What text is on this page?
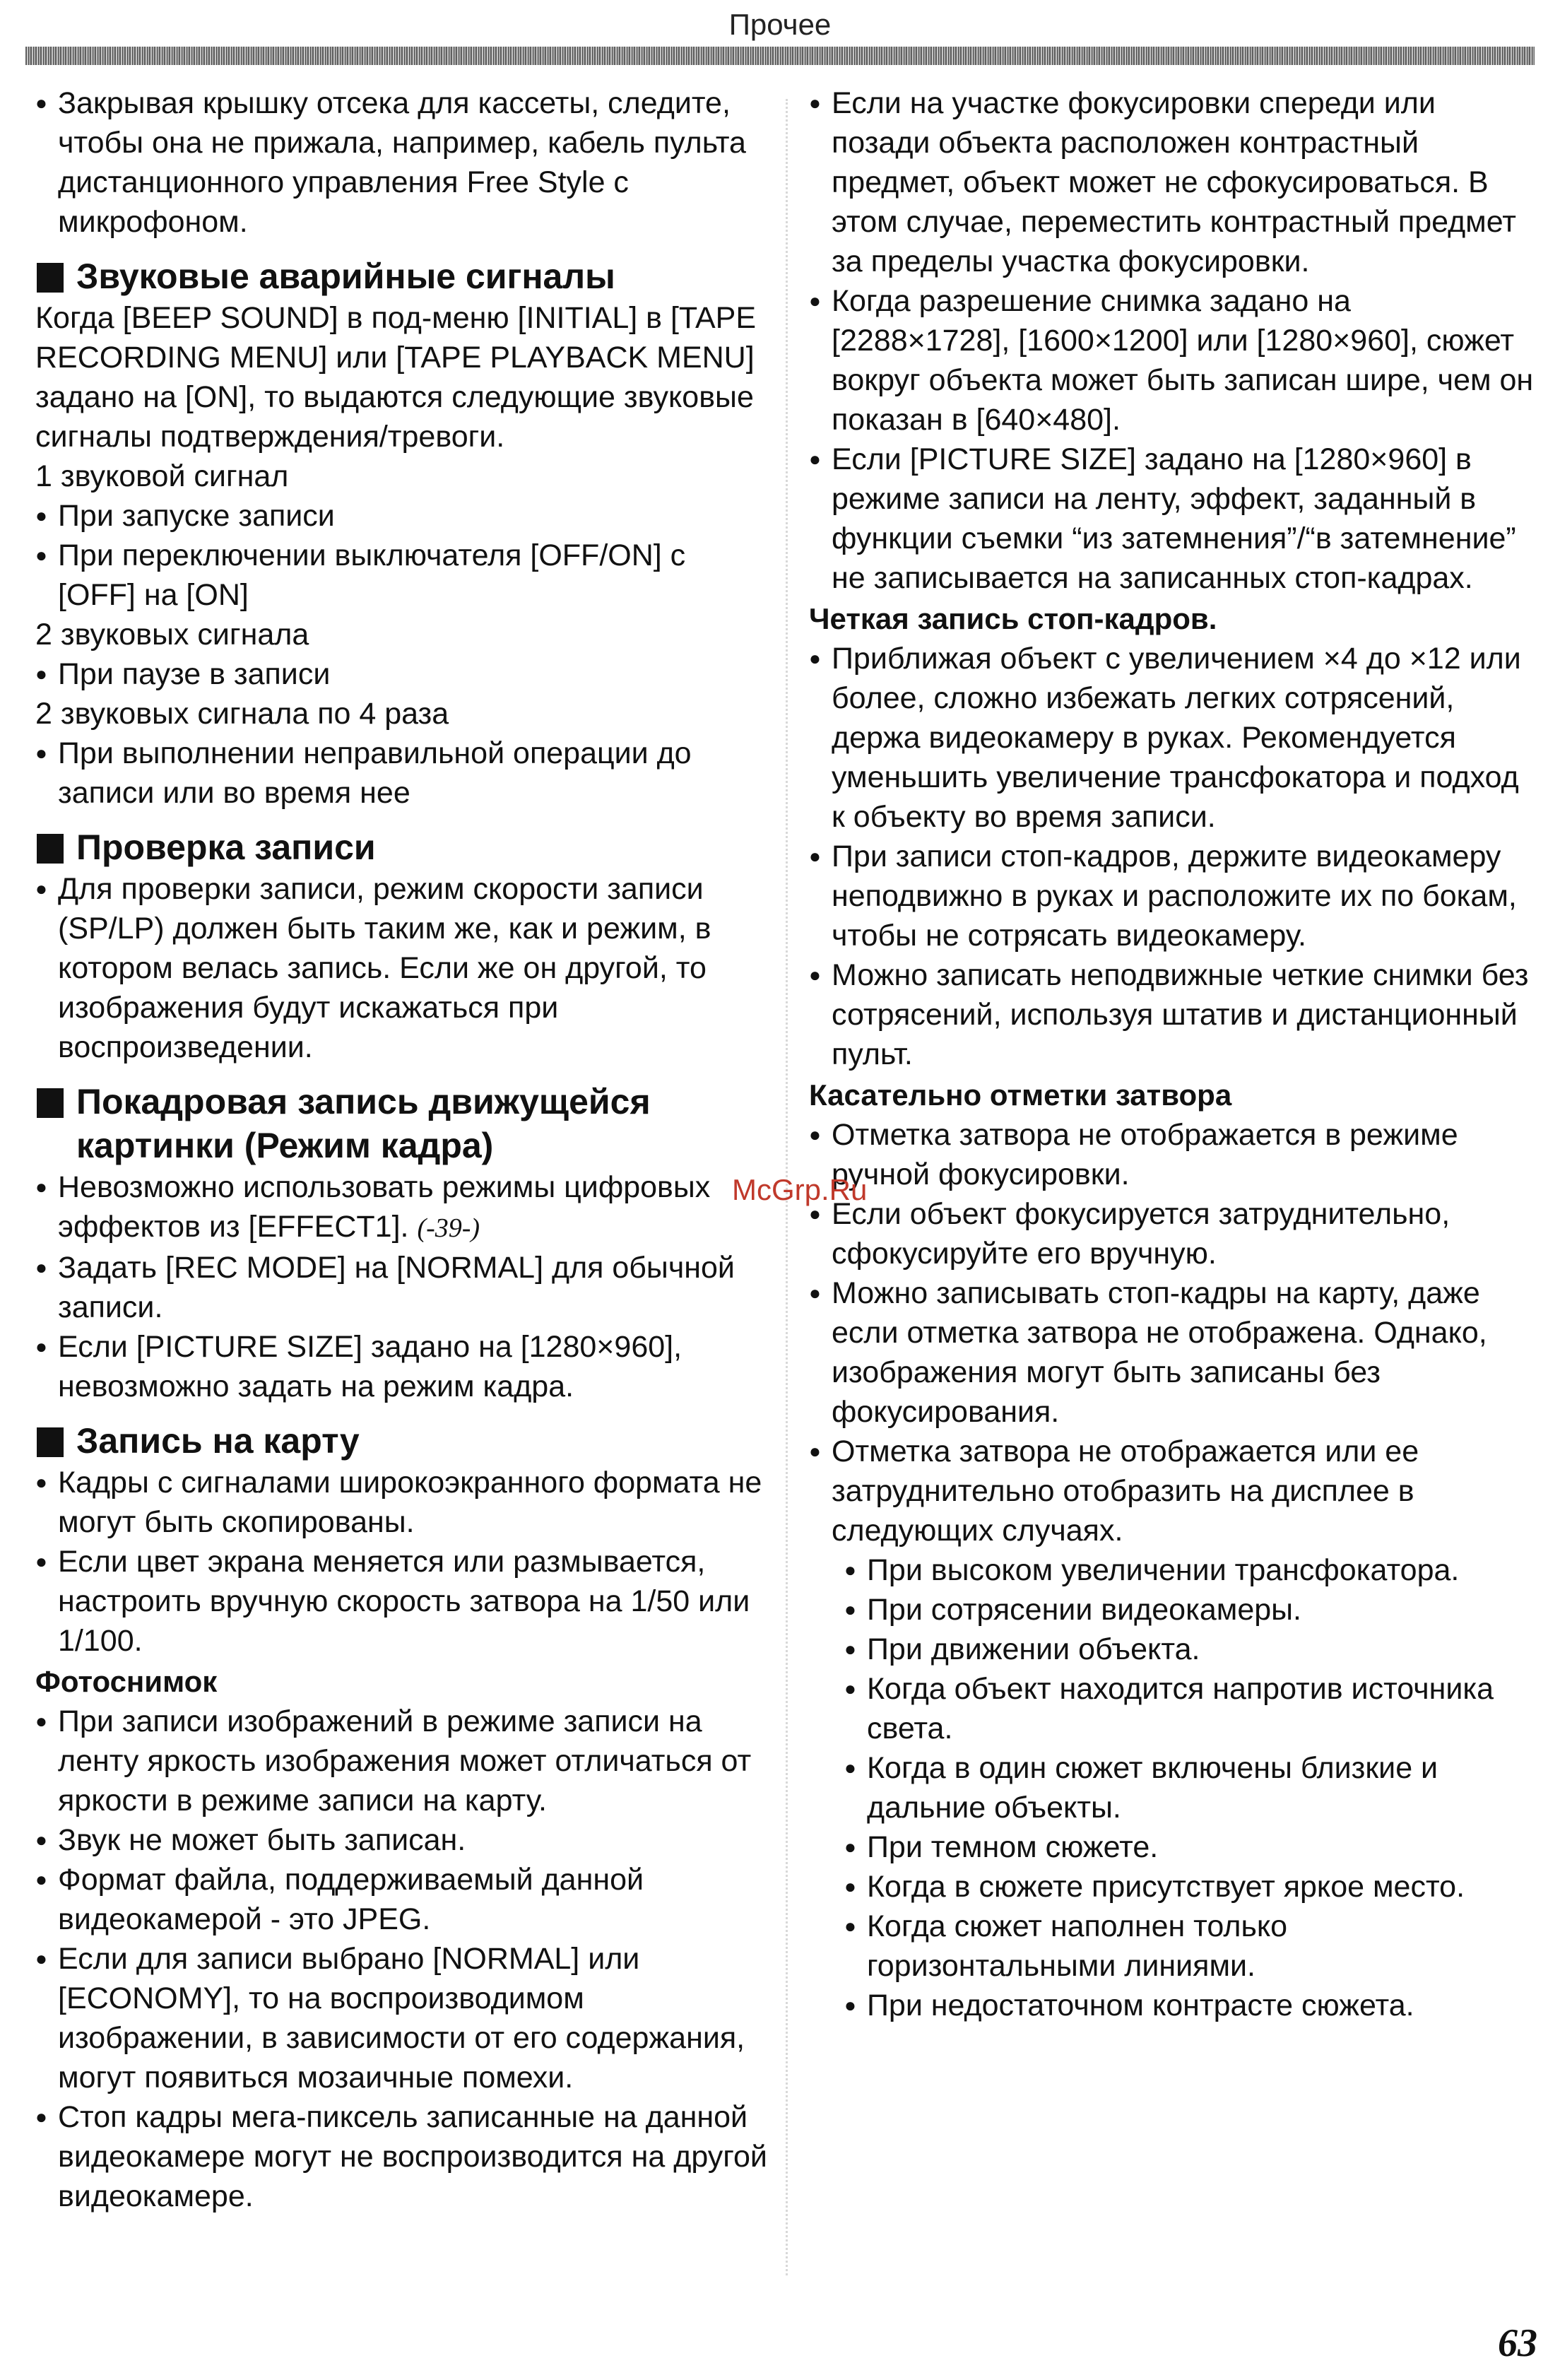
Прочее

● Закрывая крышку отсека для кассеты, следите, чтобы она не прижала, например, кабель пульта дистанционного управления Free Style с микрофоном.

Звуковые аварийные сигналы

Когда [BEEP SOUND] в под-меню [INITIAL] в [TAPE RECORDING MENU] или [TAPE PLAYBACK MENU] задано на [ON], то выдаются следующие звуковые сигналы подтверждения/тревоги.

1 звуковой сигнал

● При запуске записи

● При переключении выключателя [OFF/ON] с [OFF] на [ON]

2 звуковых сигнала

● При паузе в записи

2 звуковых сигнала по 4 раза

● При выполнении неправильной операции до записи или во время нее

Проверка записи

● Для проверки записи, режим скорости записи (SP/LP) должен быть таким же, как и режим, в котором велась запись. Если же он другой, то изображения будут искажаться при воспроизведении.

Покадровая запись движущейся картинки (Режим кадра)

● Невозможно использовать режимы цифровых эффектов из [EFFECT1]. (-39-)

● Задать [REC MODE] на [NORMAL] для обычной записи.

● Если [PICTURE SIZE] задано на [1280×960], невозможно задать на режим кадра.

Запись на карту

● Кадры с сигналами широкоэкранного формата не могут быть скопированы.

● Если цвет экрана меняется или размывается, настроить вручную скорость затвора на 1/50 или 1/100.

Фотоснимок

● При записи изображений в режиме записи на ленту яркость изображения может отличаться от яркости в режиме записи на карту.

● Звук не может быть записан.

● Формат файла, поддерживаемый данной видеокамерой - это JPEG.

● Если для записи выбрано [NORMAL] или [ECONOMY], то на воспроизводимом изображении, в зависимости от его содержания, могут появиться мозаичные помехи.

● Стоп кадры мега-пиксель записанные на данной видеокамере могут не воспроизводится на другой видеокамере.

● Если на участке фокусировки спереди или позади объекта расположен контрастный предмет, объект может не сфокусироваться. В этом случае, переместить контрастный предмет за пределы участка фокусировки.

● Когда разрешение снимка задано на [2288×1728], [1600×1200] или [1280×960], сюжет вокруг объекта может быть записан шире, чем он показан в [640×480].

● Если [PICTURE SIZE] задано на [1280×960] в режиме записи на ленту, эффект, заданный в функции съемки “из затемнения”/“в затемнение” не записывается на записанных стоп-кадрах.

Четкая запись стоп-кадров.

● Приближая объект с увеличением ×4 до ×12 или более, сложно избежать легких сотрясений, держа видеокамеру в руках. Рекомендуется уменьшить увеличение трансфокатора и подход к объекту во время записи.

● При записи стоп-кадров, держите видеокамеру неподвижно в руках и расположите их по бокам, чтобы не сотрясать видеокамеру.

● Можно записать неподвижные четкие снимки без сотрясений, используя штатив и дистанционный пульт.

Касательно отметки затвора

● Отметка затвора не отображается в режиме ручной фокусировки.

● Если объект фокусируется затруднительно, сфокусируйте его вручную.

● Можно записывать стоп-кадры на карту, даже если отметка затвора не отображена. Однако, изображения могут быть записаны без фокусирования.

● Отметка затвора не отображается или ее затруднительно отобразить на дисплее в следующих случаях.

● При высоком увеличении трансфокатора.

● При сотрясении видеокамеры.

● При движении объекта.

● Когда объект находится напротив источника света.

● Когда в один сюжет включены близкие и дальние объекты.

● При темном сюжете.

● Когда в сюжете присутствует яркое место.

● Когда сюжет наполнен только горизонтальными линиями.

● При недостаточном контрасте сюжета.

McGrp.Ru
63
